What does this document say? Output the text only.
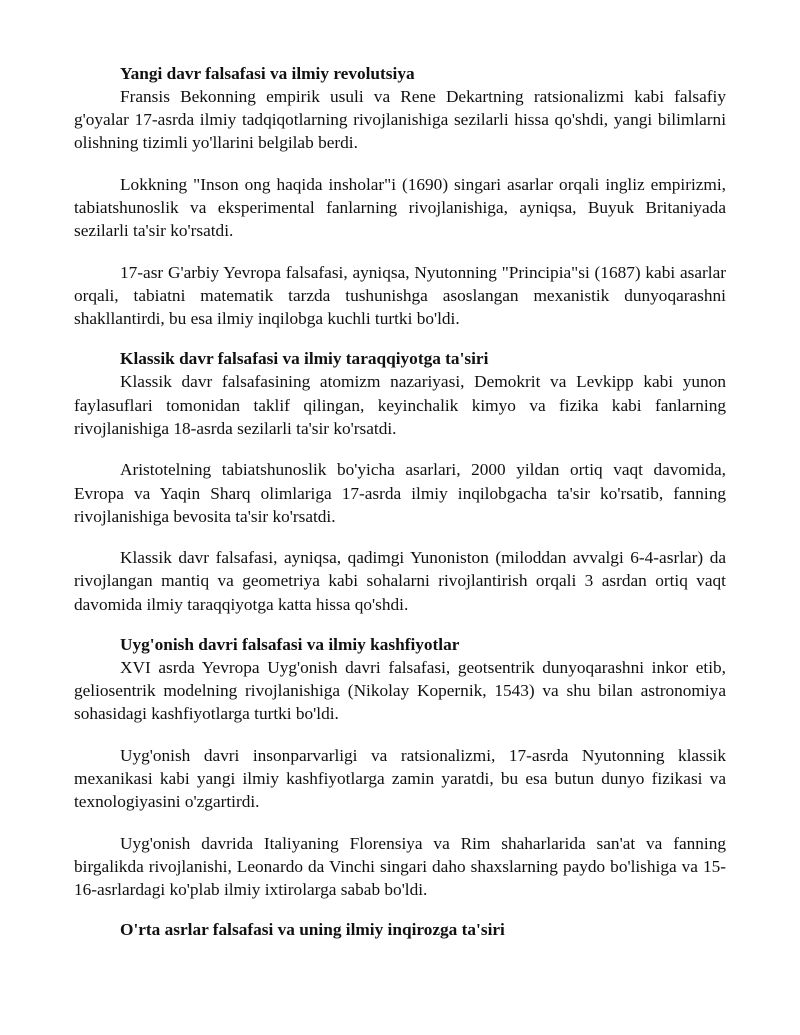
Yangi davr falsafasi va ilmiy revolutsiya

Fransis Bekonning empirik usuli va Rene Dekartning ratsionalizmi kabi falsafiy g'oyalar 17-asrda ilmiy tadqiqotlarning rivojlanishiga sezilarli hissa qo'shdi, yangi bilimlarni olishning tizimli yo'llarini belgilab berdi.

Lokkning "Inson ong haqida insholar"i (1690) singari asarlar orqali ingliz empirizmi, tabiatshunoslik va eksperimental fanlarning rivojlanishiga, ayniqsa, Buyuk Britaniyada sezilarli ta'sir ko'rsatdi.

17-asr G'arbiy Yevropa falsafasi, ayniqsa, Nyutonning "Principia"si (1687) kabi asarlar orqali, tabiatni matematik tarzda tushunishga asoslangan mexanistik dunyoqarashni shakllantirdi, bu esa ilmiy inqilobga kuchli turtki bo'ldi.

Klassik davr falsafasi va ilmiy taraqqiyotga ta'siri

Klassik davr falsafasining atomizm nazariyasi, Demokrit va Levkipp kabi yunon faylasuflari tomonidan taklif qilingan, keyinchalik kimyo va fizika kabi fanlarning rivojlanishiga 18-asrda sezilarli ta'sir ko'rsatdi.

Aristotelning tabiatshunoslik bo'yicha asarlari, 2000 yildan ortiq vaqt davomida, Evropa va Yaqin Sharq olimlariga 17-asrda ilmiy inqilobgacha ta'sir ko'rsatib, fanning rivojlanishiga bevosita ta'sir ko'rsatdi.

Klassik davr falsafasi, ayniqsa, qadimgi Yunoniston (miloddan avvalgi 6-4-asrlar) da rivojlangan mantiq va geometriya kabi sohalarni rivojlantirish orqali 3 asrdan ortiq vaqt davomida ilmiy taraqqiyotga katta hissa qo'shdi.

Uyg'onish davri falsafasi va ilmiy kashfiyotlar

XVI asrda Yevropa Uyg'onish davri falsafasi, geotsentrik dunyoqarashni inkor etib, geliosentrik modelning rivojlanishiga (Nikolay Kopernik, 1543) va shu bilan astronomiya sohasidagi kashfiyotlarga turtki bo'ldi.

Uyg'onish davri insonparvarligi va ratsionalizmi, 17-asrda Nyutonning klassik mexanikasi kabi yangi ilmiy kashfiyotlarga zamin yaratdi, bu esa butun dunyo fizikasi va texnologiyasini o'zgartirdi.

Uyg'onish davrida Italiyaning Florensiya va Rim shaharlarida san'at va fanning birgalikda rivojlanishi, Leonardo da Vinchi singari daho shaxslarning paydo bo'lishiga va 15-16-asrlardagi ko'plab ilmiy ixtirolarga sabab bo'ldi.

O'rta asrlar falsafasi va uning ilmiy inqirozga ta'siri
